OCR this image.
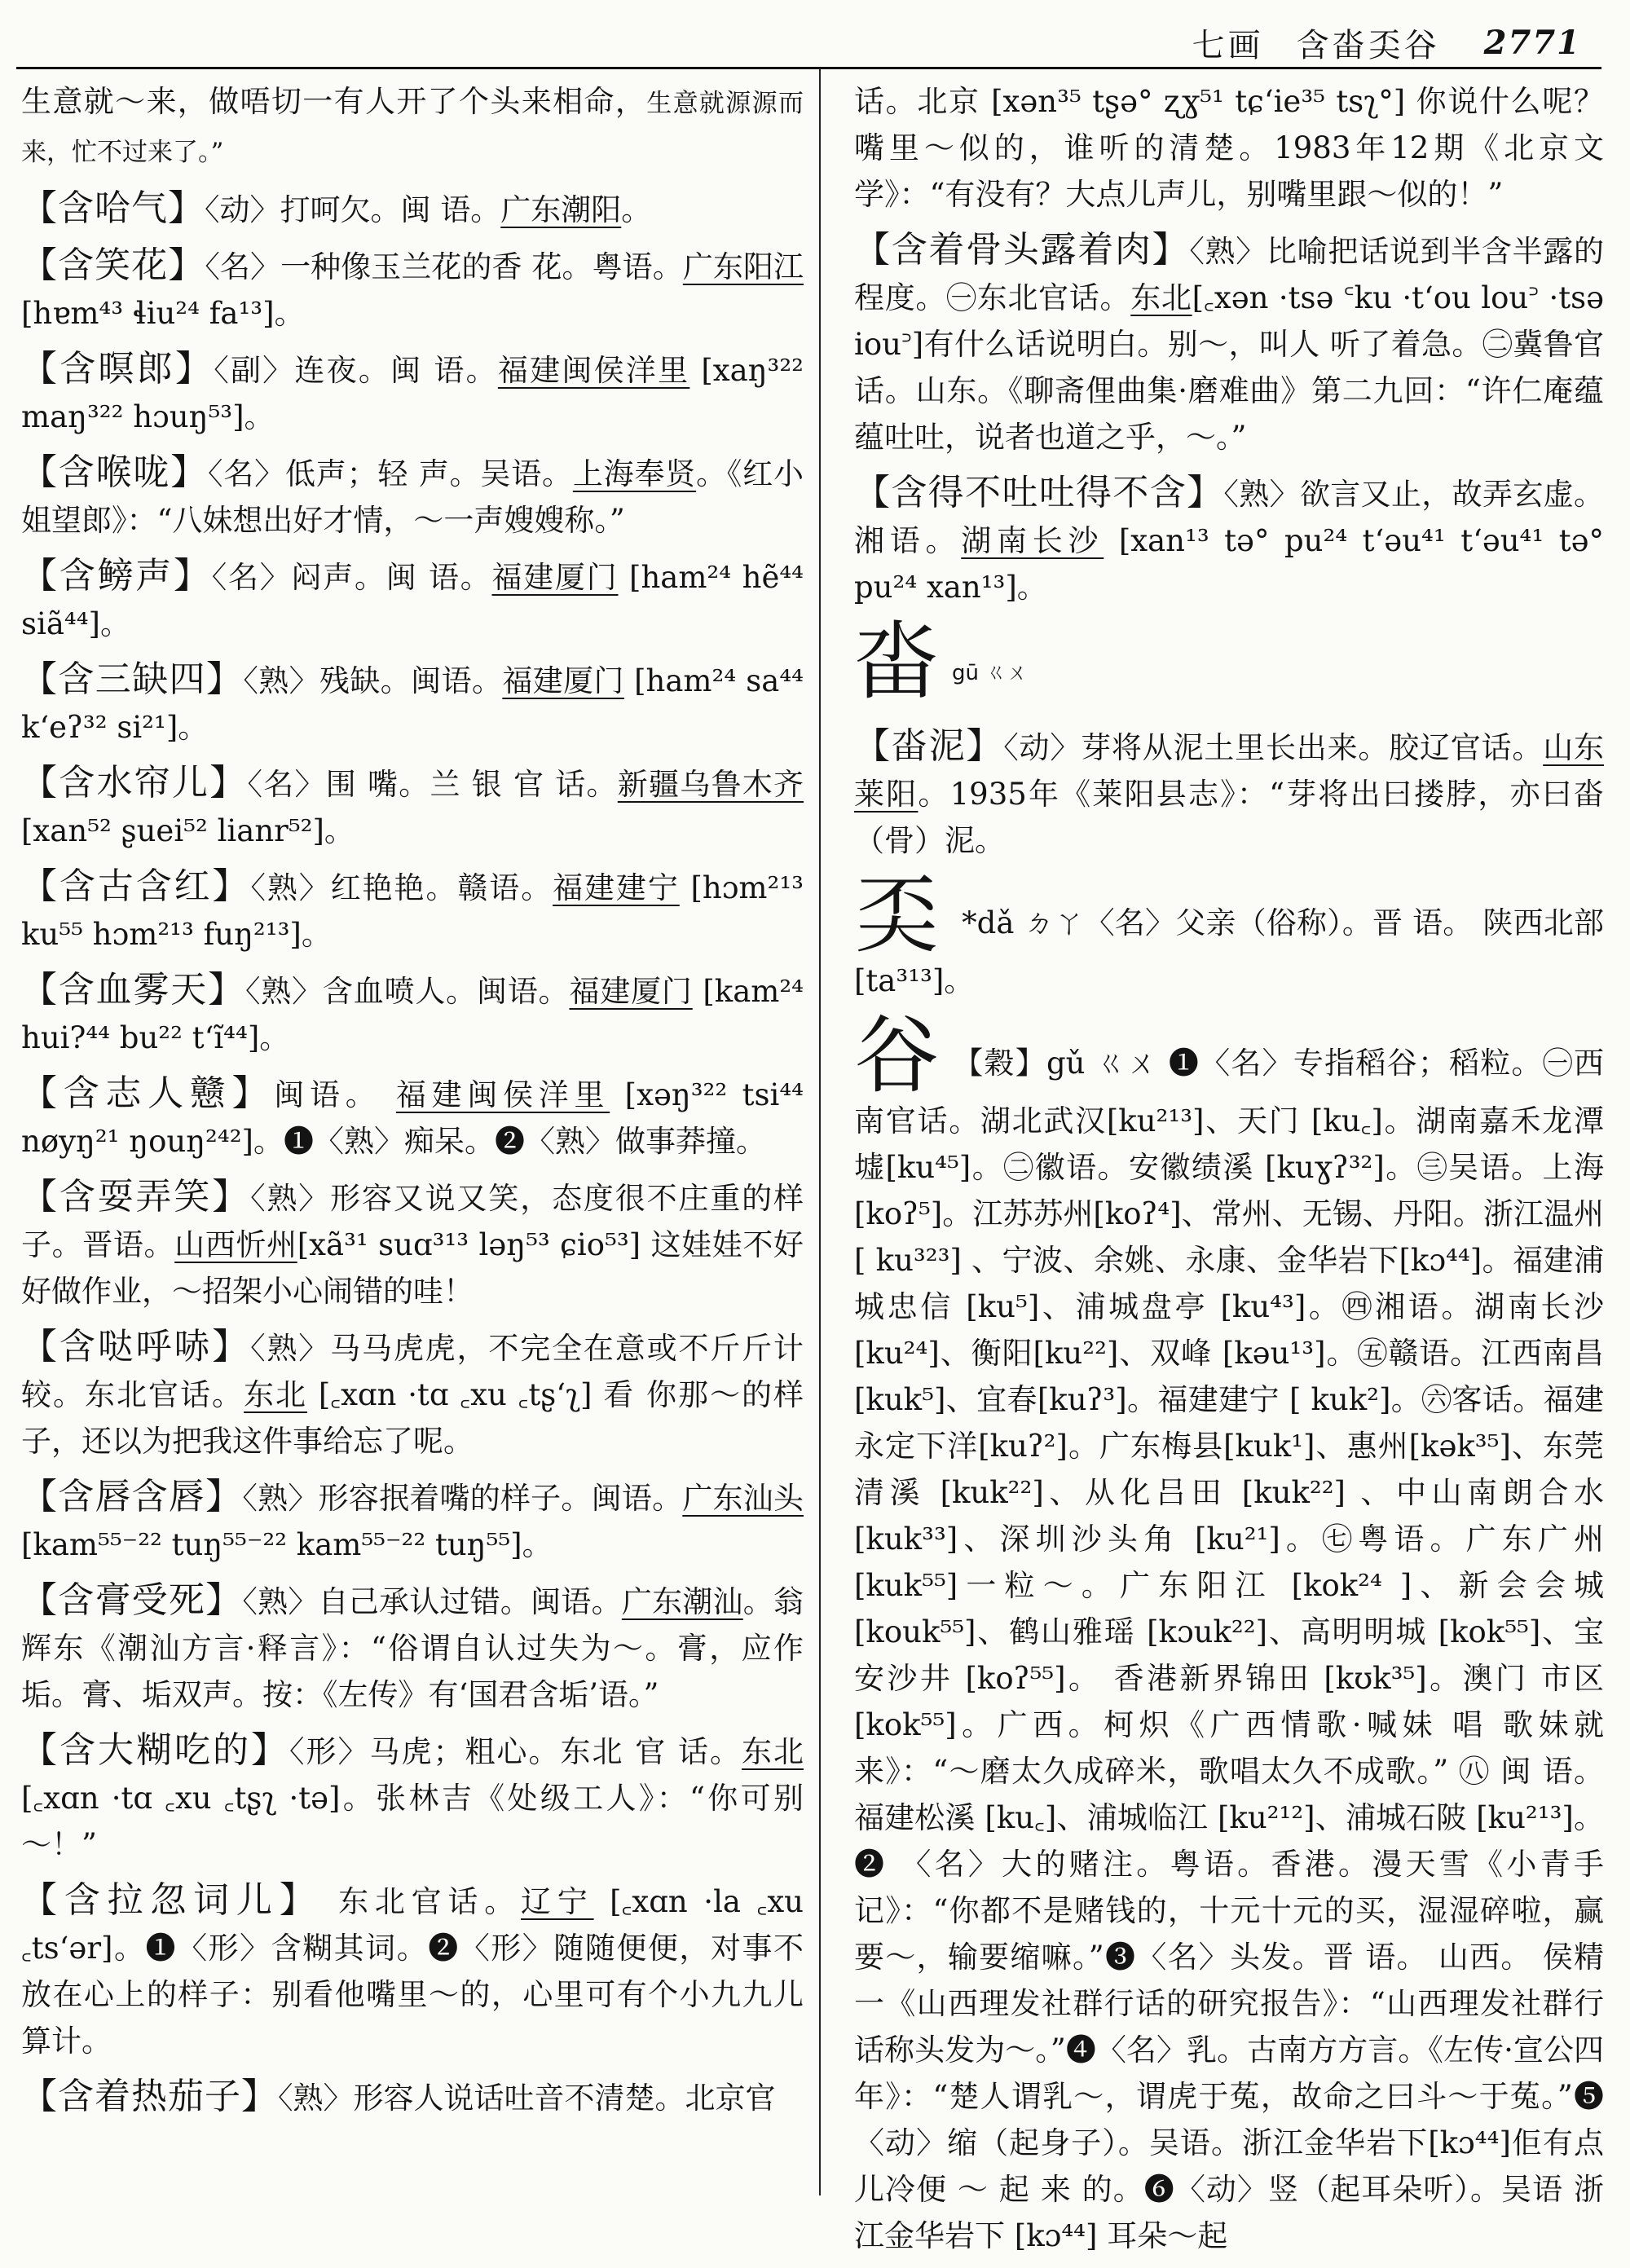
七画 含畓奀谷 2771

生意就～来，做唔切一有人开了个头来相命，生意就源源而来，忙不过来了。”

【含哈气】〈动〉打呵欠。闽 语。广东潮阳。

【含笑花】〈名〉一种像玉兰花的香 花。粤语。广东阳江 [hɐm⁴³ ɬiu²⁴ fa¹³]。

【含暝郎】〈副〉连夜。闽 语。福建闽侯洋里 [xaŋ³²² maŋ³²² hɔuŋ⁵³]。

【含喉咙】〈名〉低声；轻 声。吴语。上海奉贤。《红小姐望郎》：“八妹想出好才情，～一声嫂嫂称。”

【含鳑声】〈名〉闷声。闽 语。福建厦门 [ham²⁴ hẽ⁴⁴ siã⁴⁴]。

【含三缺四】〈熟〉残缺。闽语。福建厦门 [ham²⁴ sa⁴⁴ kʻeʔ³² si²¹]。

【含水帘儿】〈名〉围 嘴。兰 银 官 话。新疆乌鲁木齐 [xan⁵² ʂuei⁵² lianr⁵²]。

【含古含红】〈熟〉红艳艳。赣语。福建建宁 [hɔm²¹³ ku⁵⁵ hɔm²¹³ fuŋ²¹³]。

【含血雾天】〈熟〉含血喷人。闽语。福建厦门 [kam²⁴ hui?⁴⁴ bu²² tʻĩ⁴⁴]。

【含志人戆】闽语。 福建闽侯洋里 [xəŋ³²² tsi⁴⁴ nøyŋ²¹ ŋouŋ²⁴²]。❶〈熟〉痴呆。❷〈熟〉做事莽撞。

【含耍弄笑】〈熟〉形容又说又笑，态度很不庄重的样子。晋语。山西忻州[xã³¹ suɑ³¹³ ləŋ⁵³ ɕio⁵³] 这娃娃不好好做作业，～招架小心闹错的哇！

【含哒呼哧】〈熟〉马马虎虎，不完全在意或不斤斤计较。东北官话。东北 [꜀xɑn ·tɑ ꜀xu ꜀tʂʻʅ] 看 你那～的样子，还以为把我这件事给忘了呢。

【含唇含唇】〈熟〉形容抿着嘴的样子。闽语。广东汕头 [kam⁵⁵⁻²² tuŋ⁵⁵⁻²² kam⁵⁵⁻²² tuŋ⁵⁵]。

【含膏受死】〈熟〉自己承认过错。闽语。广东潮汕。翁辉东《潮汕方言·释言》：“俗谓自认过失为～。膏，应作垢。膏、垢双声。按：《左传》有‘国君含垢’语。”

【含大糊吃的】〈形〉马虎；粗心。东北 官 话。东北 [꜀xɑn ·tɑ ꜀xu ꜀tʂʅ ·tə]。张林吉《处级工人》：“你可别～！”

【含拉忽词儿】 东北官话。辽宁 [꜀xɑn ·la ꜀xu ꜀tsʻər]。❶〈形〉含糊其词。❷〈形〉随随便便，对事不放在心上的样子：别看他嘴里～的，心里可有个小九九儿算计。

【含着热茄子】〈熟〉形容人说话吐音不清楚。北京官

话。北京 [xən³⁵ tʂə° ʐɣ⁵¹ tɕʻie³⁵ tsʅ°] 你说什么呢？嘴里～似的，谁听的清楚。1983年12期《北京文学》：“有没有？大点儿声儿，别嘴里跟～似的！”

【含着骨头露着肉】〈熟〉比喻把话说到半含半露的程度。㊀东北官话。东北[꜀xən ·tsə ꜂ku ·tʻou lou꜄ ·tsə iou꜄]有什么话说明白。别～，叫人 听了着急。㊁冀鲁官话。山东。《聊斋俚曲集·磨难曲》第二九回：“许仁庵蕴蕴吐吐，说者也道之乎，～。”

【含得不吐吐得不含】〈熟〉欲言又止，故弄玄虚。湘语。湖南长沙 [xan¹³ tə° pu²⁴ tʻəu⁴¹ tʻəu⁴¹ tə° pu²⁴ xan¹³]。

畓gū ㄍㄨ

【畓泥】〈动〉芽将从泥土里长出来。胶辽官话。山东莱阳。1935年《莱阳县志》：“芽将出曰搂脖，亦曰畓（骨）泥。

奀 *dǎ ㄉㄚ〈名〉父亲（俗称）。晋 语。 陕西北部 [ta³¹³]。

谷 【穀】gǔ ㄍㄨ ❶〈名〉专指稻谷；稻粒。㊀西南官话。湖北武汉[ku²¹³]、天门 [ku꜀]。湖南嘉禾龙潭墟[ku⁴⁵]。㊁徽语。安徽绩溪 [kuɣʔ³²]。㊂吴语。上海[koʔ⁵]。江苏苏州[koʔ⁴]、常州、无锡、丹阳。浙江温州 [ ku³²³] 、宁波、余姚、永康、金华岩下[kɔ⁴⁴]。福建浦城忠信 [ku⁵]、浦城盘亭 [ku⁴³]。㊃湘语。湖南长沙[ku²⁴]、衡阳[ku²²]、双峰 [kəu¹³]。㊄赣语。江西南昌 [kuk⁵]、宜春[kuʔ³]。福建建宁 [ kuk²]。㊅客话。福建永定下洋[kuʔ²]。广东梅县[kuk¹]、惠州[kək³⁵]、东莞清溪 [kuk²²]、从化吕田 [kuk²²] 、中山南朗合水[kuk³³]、深圳沙头角 [ku²¹]。㊆粤语。广东广州[kuk⁵⁵]一粒～。广东阳江 [kok²⁴ ]、新会会城[kouk⁵⁵]、鹤山雅瑶 [kɔuk²²]、高明明城 [kok⁵⁵]、宝安沙井 [koʔ⁵⁵]。 香港新界锦田 [kʊk³⁵]。澳门 市区[kok⁵⁵]。广西。柯炽《广西情歌·喊妹 唱 歌妹就来》：“～磨太久成碎米，歌唱太久不成歌。” ㊇ 闽 语。福建松溪 [ku꜀]、浦城临江 [ku²¹²]、浦城石陂 [ku²¹³]。 ❷ 〈名〉大的赌注。粤语。香港。漫天雪《小青手记》：“你都不是赌钱的，十元十元的买，湿湿碎啦，赢要～，输要缩嘛。”❸〈名〉头发。晋 语。 山西。 侯精一《山西理发社群行话的研究报告》：“山西理发社群行话称头发为～。”❹〈名〉乳。古南方方言。《左传·宣公四年》：“楚人谓乳～，谓虎于菟，故命之曰斗～于菟。”❺〈动〉缩（起身子）。吴语。浙江金华岩下[kɔ⁴⁴]佢有点儿冷便 ～ 起 来 的。❻〈动〉竖（起耳朵听）。吴语 浙江金华岩下 [kɔ⁴⁴] 耳朵～起
